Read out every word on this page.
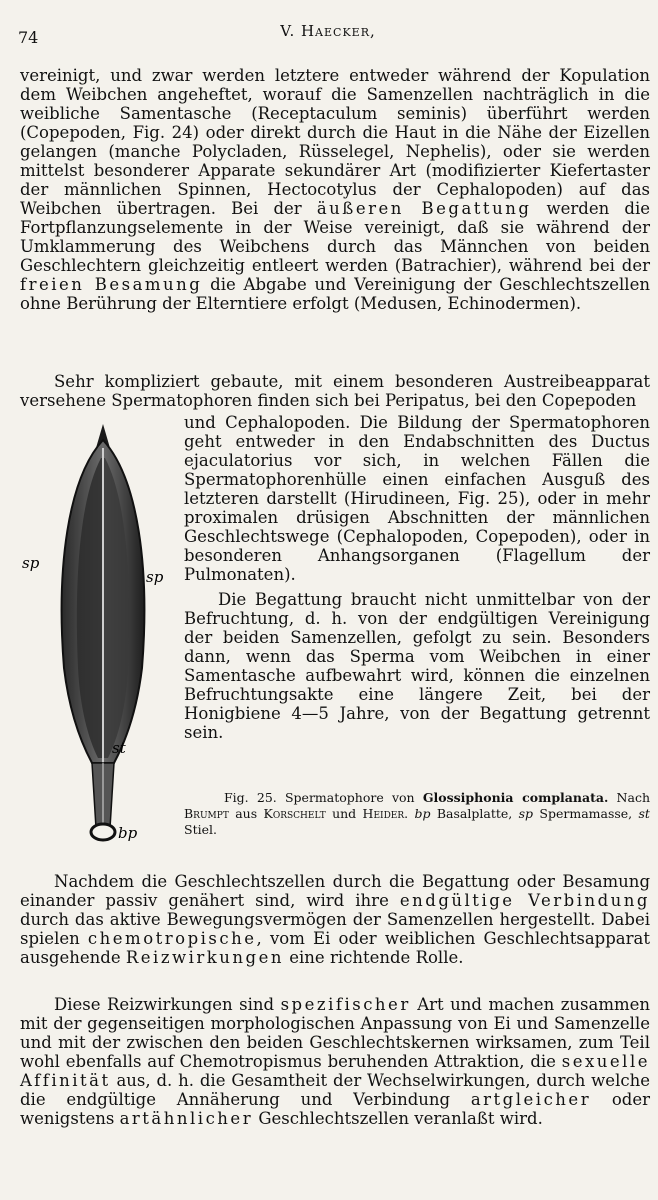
74	V. Haecker,

vereinigt, und zwar werden letztere entweder während der Kopulation dem Weibchen angeheftet, worauf die Samenzellen nachträglich in die weibliche Samentasche (Receptaculum seminis) überführt werden (Copepoden, Fig. 24) oder direkt durch die Haut in die Nähe der Eizellen gelangen (manche Polycladen, Rüsselegel, Nephelis), oder sie werden mittelst besonderer Apparate sekundärer Art (modifizierter Kiefertaster der männlichen Spinnen, Hectocotylus der Cephalopoden) auf das Weibchen übertragen. Bei der äußeren Begattung werden die Fortpflanzungselemente in der Weise vereinigt, daß sie während der Umklammerung des Weibchens durch das Männchen von beiden Geschlechtern gleichzeitig entleert werden (Batrachier), während bei der freien Besamung die Abgabe und Vereinigung der Geschlechtszellen ohne Berührung der Elterntiere erfolgt (Medusen, Echinodermen).

Sehr kompliziert gebaute, mit einem besonderen Austreibeapparat versehene Spermatophoren finden sich bei Peripatus, bei den Copepoden

und Cephalopoden. Die Bildung der Spermatophoren geht entweder in den Endabschnitten des Ductus ejaculatorius vor sich, in welchen Fällen die Spermatophorenhülle einen einfachen Ausguß des letzteren darstellt (Hirudineen, Fig. 25), oder in mehr proximalen drüsigen Abschnitten der männlichen Geschlechtswege (Cephalopoden, Copepoden), oder in besonderen Anhangsorganen (Flagellum der Pulmonaten).

Die Begattung braucht nicht unmittelbar von der Befruchtung, d. h. von der endgültigen Vereinigung der beiden Samenzellen, gefolgt zu sein. Besonders dann, wenn das Sperma vom Weibchen in einer Samentasche aufbewahrt wird, können die einzelnen Befruchtungsakte eine längere Zeit, bei der Honigbiene 4—5 Jahre, von der Begattung getrennt sein.

sp
sp
st
bp

Fig. 25. Spermatophore von Glossiphonia complanata. Nach Brumpt aus Korschelt und Heider. bp Basalplatte, sp Spermamasse, st Stiel.

Nachdem die Geschlechtszellen durch die Begattung oder Besamung einander passiv genähert sind, wird ihre endgültige Verbindung durch das aktive Bewegungsvermögen der Samenzellen hergestellt. Dabei spielen chemotropische, vom Ei oder weiblichen Geschlechtsapparat ausgehende Reizwirkungen eine richtende Rolle.

Diese Reizwirkungen sind spezifischer Art und machen zusammen mit der gegenseitigen morphologischen Anpassung von Ei und Samenzelle und mit der zwischen den beiden Geschlechtskernen wirksamen, zum Teil wohl ebenfalls auf Chemotropismus beruhenden Attraktion, die sexuelle Affinität aus, d. h. die Gesamtheit der Wechselwirkungen, durch welche die endgültige Annäherung und Verbindung artgleicher oder wenigstens artähnlicher Geschlechtszellen veranlaßt wird.
